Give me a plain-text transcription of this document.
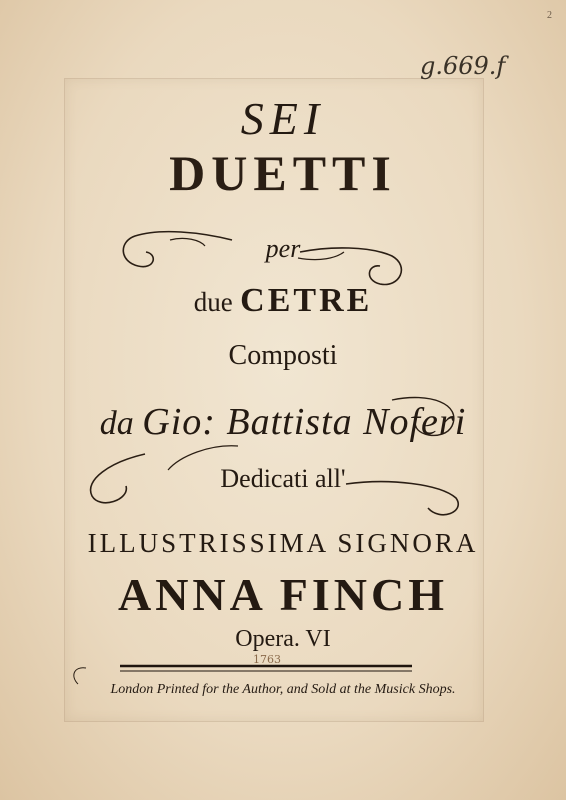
2
g.669.f
SEI
DUETTI
per
due CETRE
Composti
da Gio: Battista Noferi
Dedicati all'
ILLUSTRISSIMA SIGNORA
ANNA FINCH
Opera. VI
1763
London Printed for the Author, and Sold at the Musick Shops.
